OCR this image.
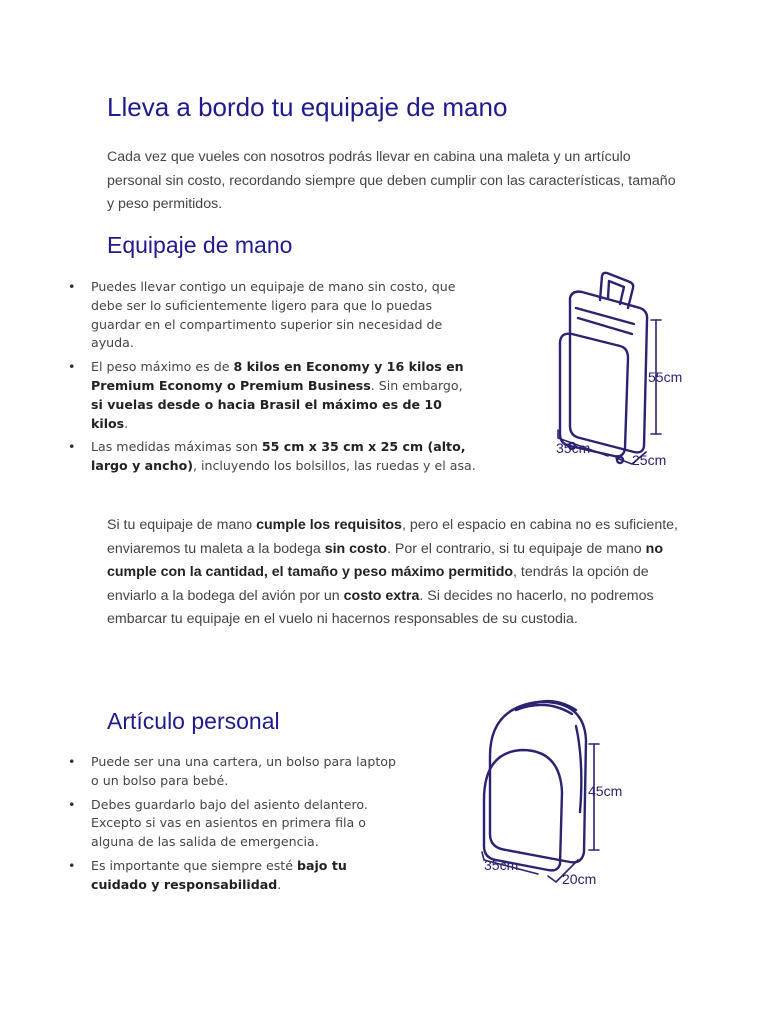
Lleva a bordo tu equipaje de mano

Cada vez que vueles con nosotros podrás llevar en cabina una maleta y un artículo personal sin costo, recordando siempre que deben cumplir con las características, tamaño y peso permitidos.

Equipaje de mano
• Puedes llevar contigo un equipaje de mano sin costo, que debe ser lo suficientemente ligero para que lo puedas guardar en el compartimento superior sin necesidad de ayuda.
• El peso máximo es de 8 kilos en Economy y 16 kilos en Premium Economy o Premium Business. Sin embargo, si vuelas desde o hacia Brasil el máximo es de 10 kilos.
• Las medidas máximas son 55 cm x 35 cm x 25 cm (alto, largo y ancho), incluyendo los bolsillos, las ruedas y el asa.
55cm
35cm
25cm

Si tu equipaje de mano cumple los requisitos, pero el espacio en cabina no es suficiente, enviaremos tu maleta a la bodega sin costo. Por el contrario, si tu equipaje de mano no cumple con la cantidad, el tamaño y peso máximo permitido, tendrás la opción de enviarlo a la bodega del avión por un costo extra. Si decides no hacerlo, no podremos embarcar tu equipaje en el vuelo ni hacernos responsables de su custodia.

Artículo personal
• Puede ser una una cartera, un bolso para laptop o un bolso para bebé.
• Debes guardarlo bajo del asiento delantero. Excepto si vas en asientos en primera fila o alguna de las salida de emergencia.
• Es importante que siempre esté bajo tu cuidado y responsabilidad.
45cm
35cm
20cm
